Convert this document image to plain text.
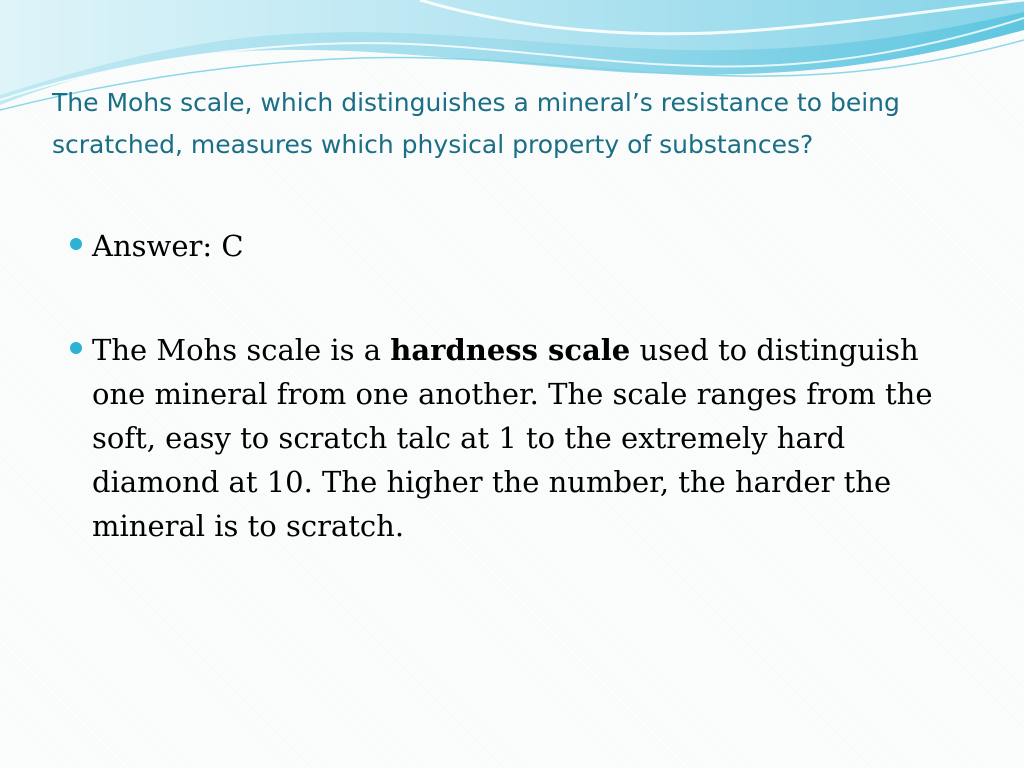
The Mohs scale, which distinguishes a mineral’s resistance to being scratched, measures which physical property of substances?
Answer: C
The Mohs scale is a hardness scale used to distinguish one mineral from one another. The scale ranges from the soft, easy to scratch talc at 1 to the extremely hard diamond at 10. The higher the number, the harder the mineral is to scratch.
